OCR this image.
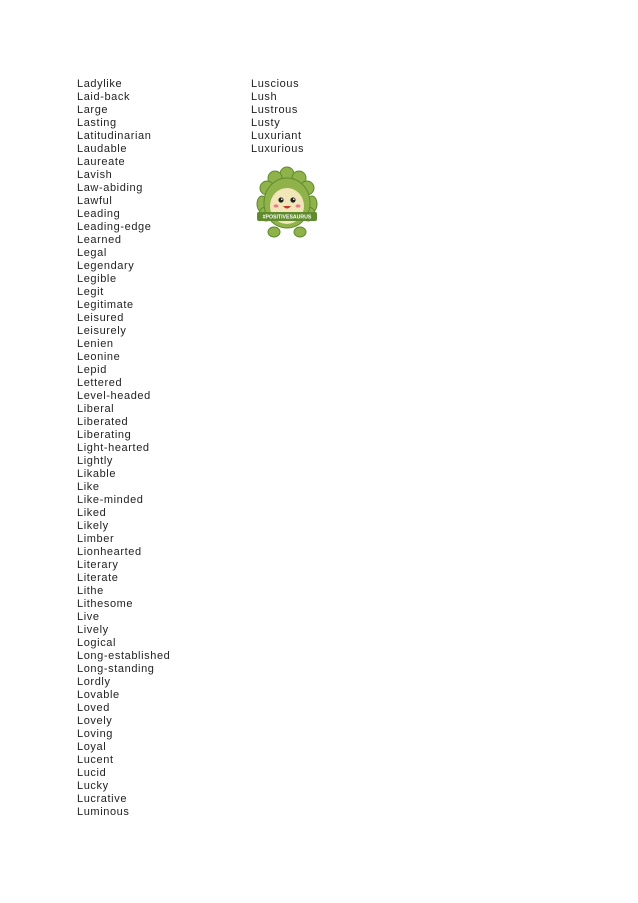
Ladylike
Laid-back
Large
Lasting
Latitudinarian
Laudable
Laureate
Lavish
Law-abiding
Lawful
Leading
Leading-edge
Learned
Legal
Legendary
Legible
Legit
Legitimate
Leisured
Leisurely
Lenien
Leonine
Lepid
Lettered
Level-headed
Liberal
Liberated
Liberating
Light-hearted
Lightly
Likable
Like
Like-minded
Liked
Likely
Limber
Lionhearted
Literary
Literate
Lithe
Lithesome
Live
Lively
Logical
Long-established
Long-standing
Lordly
Lovable
Loved
Lovely
Loving
Loyal
Lucent
Lucid
Lucky
Lucrative
Luminous
Luscious
Lush
Lustrous
Lusty
Luxuriant
Luxurious
#POSITIVESAURUS
